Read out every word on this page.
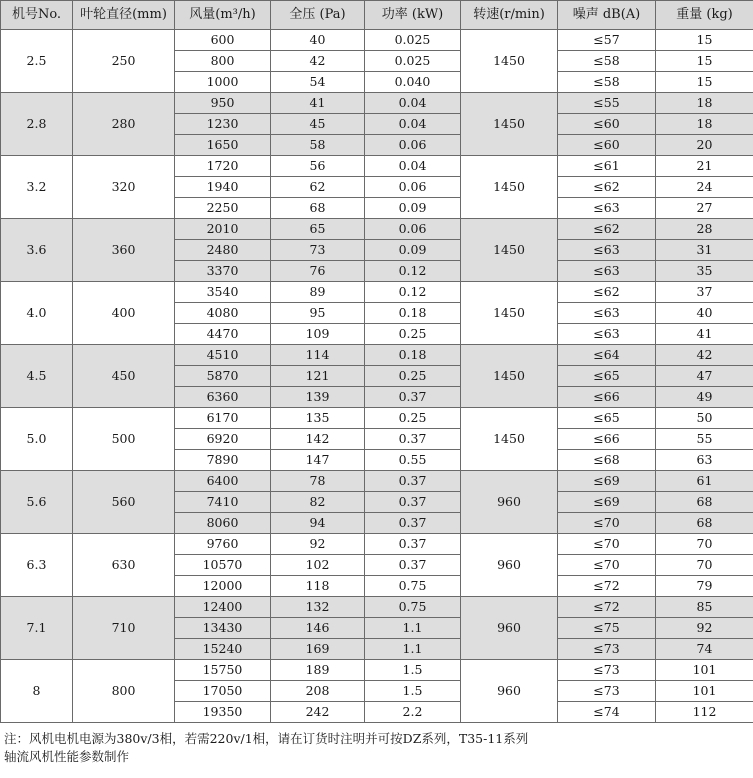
机号No.	叶轮直径(mm)	风量(m³/h)	全压 (Pa)	功率 (kW)	转速(r/min)	噪声 dB(A)	重量 (kg)
2.5	250	600	40	0.025	1450	≤57	15
		800	42	0.025		≤58	15
		1000	54	0.040		≤58	15
2.8	280	950	41	0.04	1450	≤55	18
		1230	45	0.04		≤60	18
		1650	58	0.06		≤60	20
3.2	320	1720	56	0.04	1450	≤61	21
		1940	62	0.06		≤62	24
		2250	68	0.09		≤63	27
3.6	360	2010	65	0.06	1450	≤62	28
		2480	73	0.09		≤63	31
		3370	76	0.12		≤63	35
4.0	400	3540	89	0.12	1450	≤62	37
		4080	95	0.18		≤63	40
		4470	109	0.25		≤63	41
4.5	450	4510	114	0.18	1450	≤64	42
		5870	121	0.25		≤65	47
		6360	139	0.37		≤66	49
5.0	500	6170	135	0.25	1450	≤65	50
		6920	142	0.37		≤66	55
		7890	147	0.55		≤68	63
5.6	560	6400	78	0.37	960	≤69	61
		7410	82	0.37		≤69	68
		8060	94	0.37		≤70	68
6.3	630	9760	92	0.37	960	≤70	70
		10570	102	0.37		≤70	70
		12000	118	0.75		≤72	79
7.1	710	12400	132	0.75	960	≤72	85
		13430	146	1.1		≤75	92
		15240	169	1.1		≤73	74
8	800	15750	189	1.5	960	≤73	101
		17050	208	1.5		≤73	101
		19350	242	2.2		≤74	112
注：风机电机电源为380v/3相，若需220v/1相，请在订货时注明并可按DZ系列，T35-11系列
轴流风机性能参数制作
